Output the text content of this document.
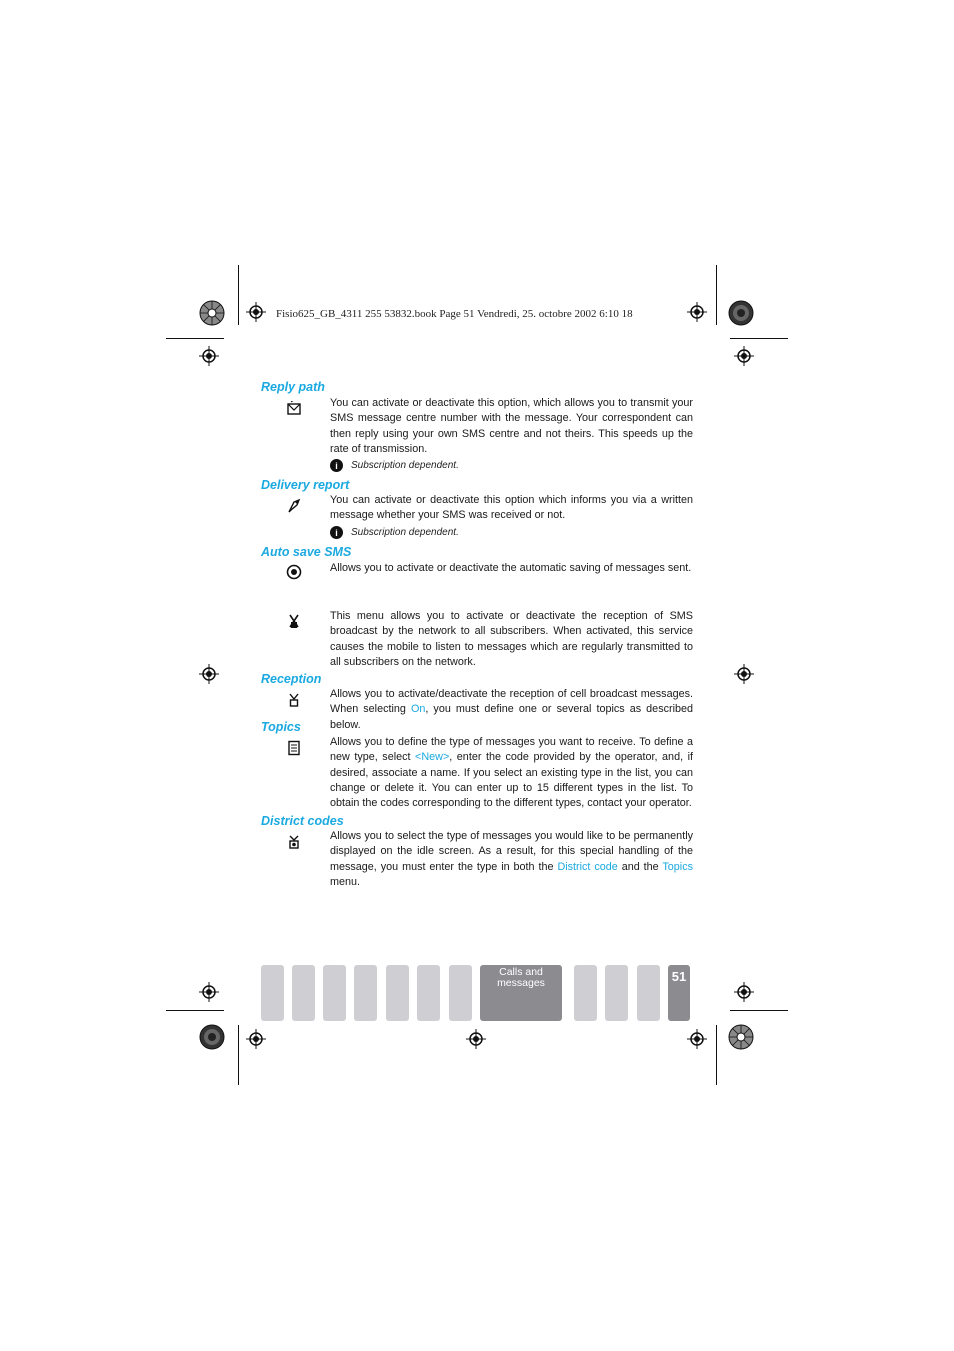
Fisio625_GB_4311 255 53832.book Page 51 Vendredi, 25. octobre 2002 6:10 18
Reply path
You can activate or deactivate this option, which allows you to transmit your SMS message centre number with the message. Your correspondent can then reply using your own SMS centre and not theirs. This speeds up the rate of transmission.
i	Subscription dependent.
Delivery report
You can activate or deactivate this option which informs you via a written message whether your SMS was received or not.
i	Subscription dependent.
Auto save SMS
Allows you to activate or deactivate the automatic saving of messages sent.
This menu allows you to activate or deactivate the reception of SMS broadcast by the network to all subscribers. When activated, this service causes the mobile to listen to messages which are regularly transmitted to all subscribers on the network.
Reception
Allows you to activate/deactivate the reception of cell broadcast messages. When selecting On, you must define one or several topics as described below.
Topics
Allows you to define the type of messages you want to receive. To define a new type, select <New>, enter the code provided by the operator, and, if desired, associate a name. If you select an existing type in the list, you can change or delete it. You can enter up to 15 different types in the list. To obtain the codes corresponding to the different types, contact your operator.
District codes
Allows you to select the type of messages you would like to be permanently displayed on the idle screen. As a result, for this special handling of the message, you must enter the type in both the District code and the Topics menu.
Calls and messages	51
